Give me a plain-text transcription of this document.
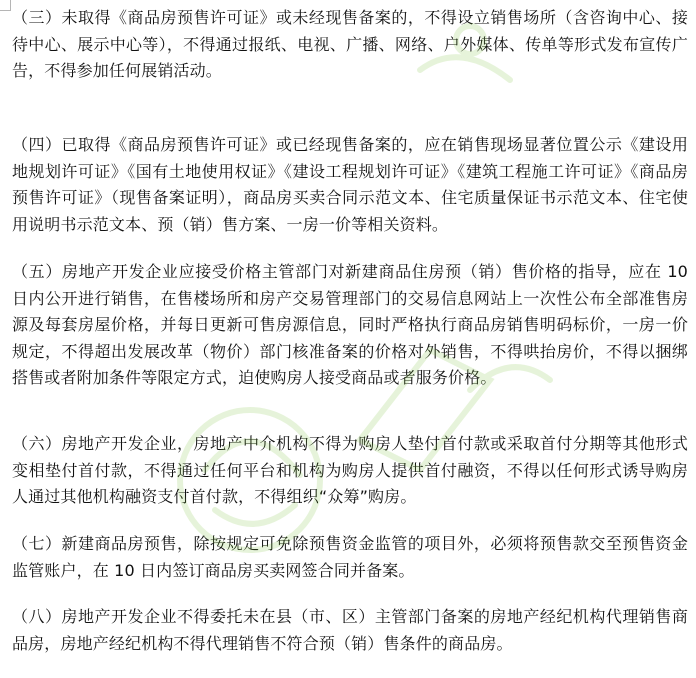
（三）未取得《商品房预售许可证》或未经现售备案的，不得设立销售场所（含咨询中心、接待中心、展示中心等），不得通过报纸、电视、广播、网络、户外媒体、传单等形式发布宣传广告，不得参加任何展销活动。

（四）已取得《商品房预售许可证》或已经现售备案的，应在销售现场显著位置公示《建设用地规划许可证》《国有土地使用权证》《建设工程规划许可证》《建筑工程施工许可证》《商品房预售许可证》（现售备案证明），商品房买卖合同示范文本、住宅质量保证书示范文本、住宅使用说明书示范文本、预（销）售方案、一房一价等相关资料。

（五）房地产开发企业应接受价格主管部门对新建商品住房预（销）售价格的指导，应在 10 日内公开进行销售，在售楼场所和房产交易管理部门的交易信息网站上一次性公布全部准售房源及每套房屋价格，并每日更新可售房源信息，同时严格执行商品房销售明码标价，一房一价规定，不得超出发展改革（物价）部门核准备案的价格对外销售，不得哄抬房价，不得以捆绑搭售或者附加条件等限定方式，迫使购房人接受商品或者服务价格。

（六）房地产开发企业，房地产中介机构不得为购房人垫付首付款或采取首付分期等其他形式变相垫付首付款，不得通过任何平台和机构为购房人提供首付融资，不得以任何形式诱导购房人通过其他机构融资支付首付款，不得组织“众筹”购房。

（七）新建商品房预售，除按规定可免除预售资金监管的项目外，必须将预售款交至预售资金监管账户，在 10 日内签订商品房买卖网签合同并备案。

（八）房地产开发企业不得委托未在县（市、区）主管部门备案的房地产经纪机构代理销售商品房，房地产经纪机构不得代理销售不符合预（销）售条件的商品房。
